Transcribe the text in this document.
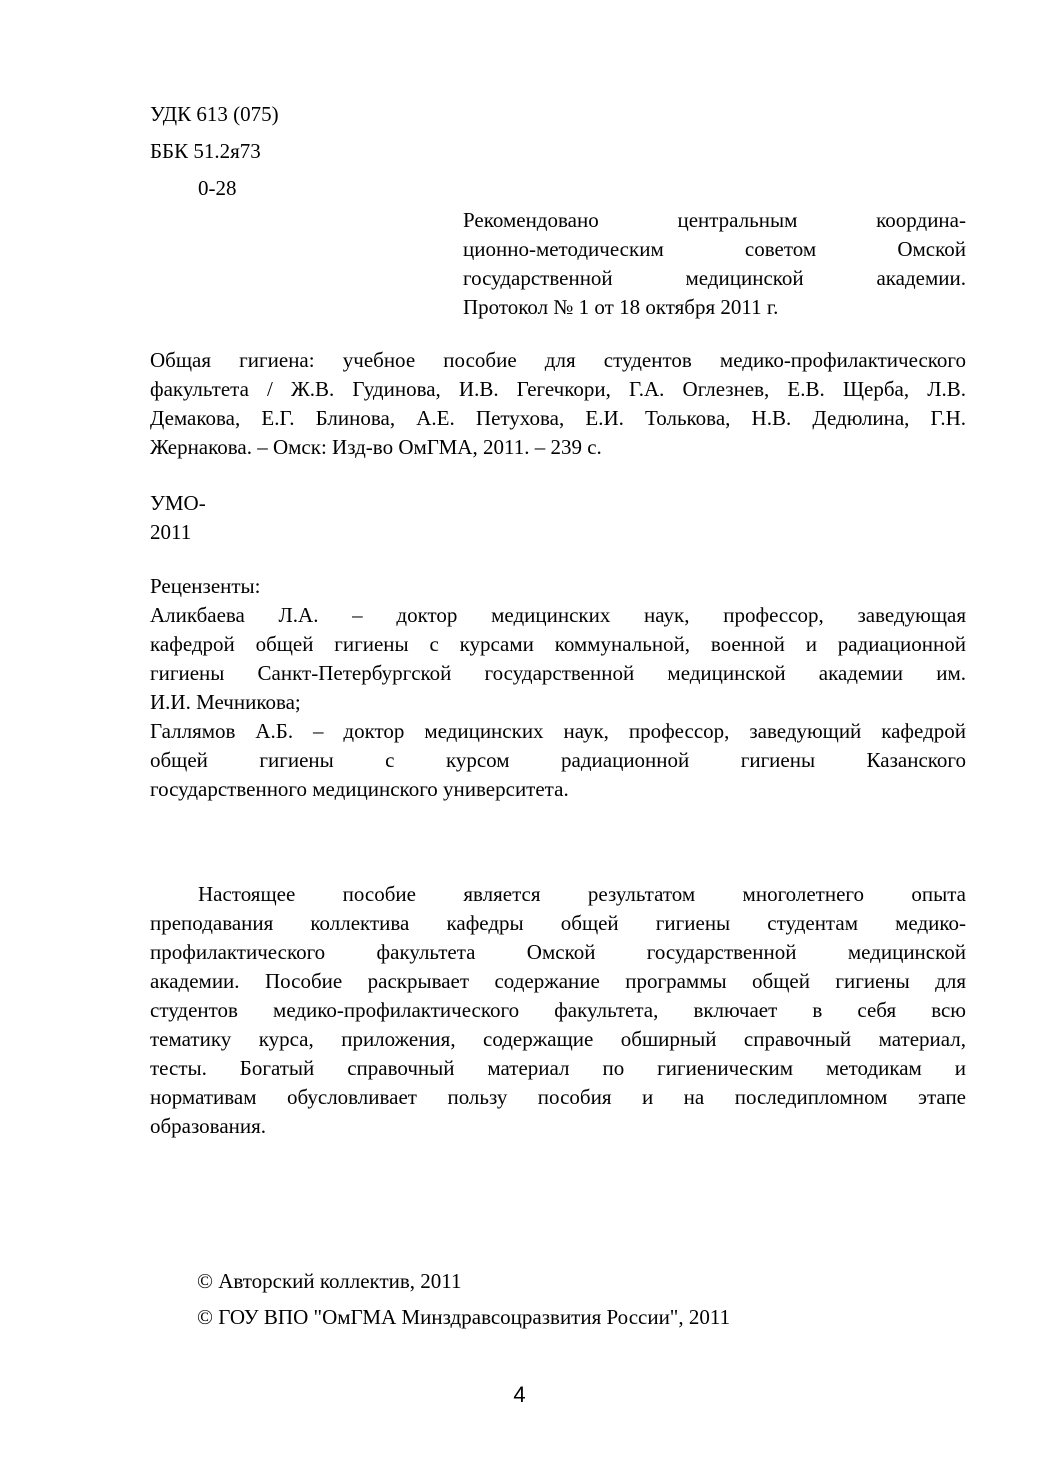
УДК 613 (075)
ББК 51.2я73
0-28
Рекомендовано центральным координа-
ционно-методическим советом Омской
государственной медицинской академии.
Протокол № 1 от 18 октября 2011 г.
Общая гигиена: учебное пособие для студентов медико-профилактического
факультета / Ж.В. Гудинова, И.В. Гегечкори, Г.А. Оглезнев, Е.В. Щерба, Л.В.
Демакова, Е.Г. Блинова, А.Е. Петухова, Е.И. Толькова, Н.В. Дедюлина, Г.Н.
Жернакова. – Омск: Изд-во ОмГМА, 2011. – 239 с.
УМО-
2011
Рецензенты:
Аликбаева Л.А. – доктор медицинских наук, профессор, заведующая
кафедрой общей гигиены с курсами коммунальной, военной и радиационной
гигиены Санкт-Петербургской государственной медицинской академии им.
И.И. Мечникова;
Галлямов А.Б. – доктор медицинских наук, профессор, заведующий кафедрой
общей гигиены с курсом радиационной гигиены Казанского
государственного медицинского университета.
Настоящее пособие является результатом многолетнего опыта
преподавания коллектива кафедры общей гигиены студентам медико-
профилактического факультета Омской государственной медицинской
академии. Пособие раскрывает содержание программы общей гигиены для
студентов медико-профилактического факультета, включает в себя всю
тематику курса, приложения, содержащие обширный справочный материал,
тесты. Богатый справочный материал по гигиеническим методикам и
нормативам обусловливает пользу пособия и на последипломном этапе
образования.
© Авторский коллектив, 2011
© ГОУ ВПО "ОмГМА Минздравсоцразвития России", 2011
4
